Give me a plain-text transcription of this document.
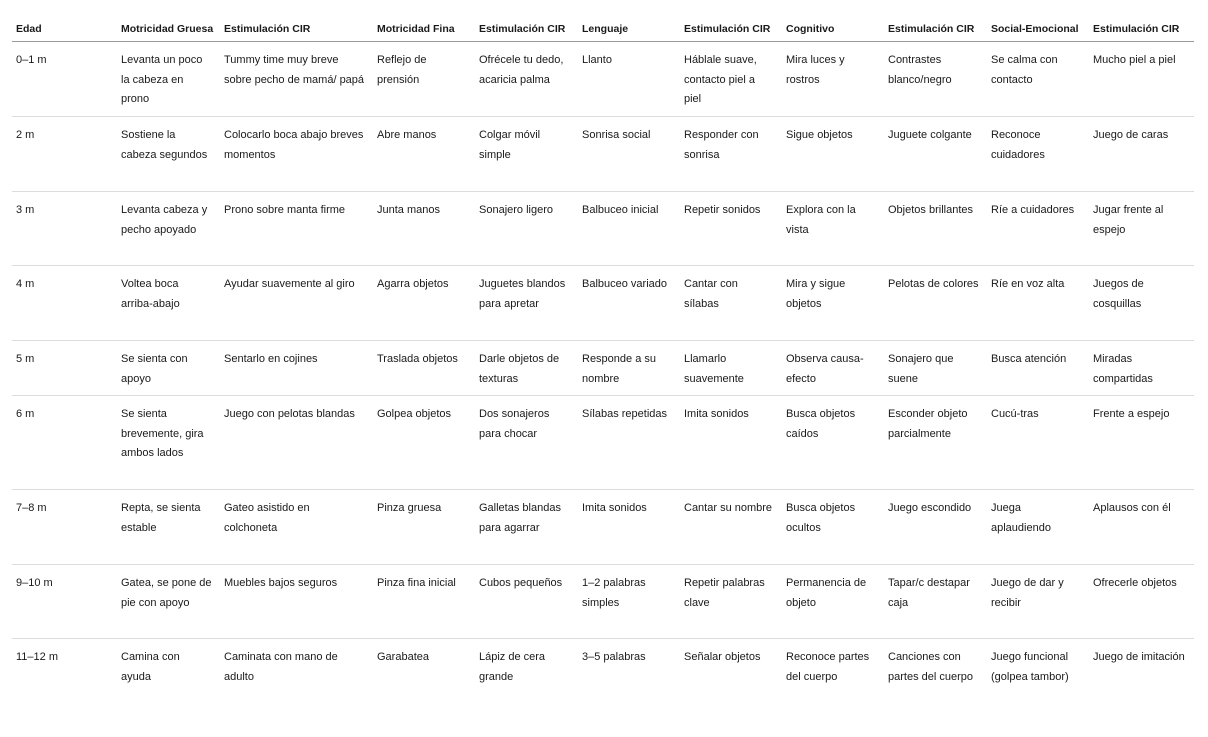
Edad	Motricidad Gruesa	Estimulación CIR	Motricidad Fina	Estimulación CIR	Lenguaje	Estimulación CIR	Cognitivo	Estimulación CIR	Social-Emocional	Estimulación CIR
0–1 m	Levanta un poco la cabeza en prono	Tummy time muy breve sobre pecho de mamá/ papá	Reflejo de prensión	Ofrécele tu dedo, acaricia palma	Llanto	Háblale suave, contacto piel a piel	Mira luces y rostros	Contrastes blanco/negro	Se calma con contacto	Mucho piel a piel
2 m	Sostiene la cabeza segundos	Colocarlo boca abajo breves momentos	Abre manos	Colgar móvil simple	Sonrisa social	Responder con sonrisa	Sigue objetos	Juguete colgante	Reconoce cuidadores	Juego de caras
3 m	Levanta cabeza y pecho apoyado	Prono sobre manta firme	Junta manos	Sonajero ligero	Balbuceo inicial	Repetir sonidos	Explora con la vista	Objetos brillantes	Ríe a cuidadores	Jugar frente al espejo
4 m	Voltea boca arriba-abajo	Ayudar suavemente al giro	Agarra objetos	Juguetes blandos para apretar	Balbuceo variado	Cantar con sílabas	Mira y sigue objetos	Pelotas de colores	Ríe en voz alta	Juegos de cosquillas
5 m	Se sienta con apoyo	Sentarlo en cojines	Traslada objetos	Darle objetos de texturas	Responde a su nombre	Llamarlo suavemente	Observa causa-efecto	Sonajero que suene	Busca atención	Miradas compartidas
6 m	Se sienta brevemente, gira ambos lados	Juego con pelotas blandas	Golpea objetos	Dos sonajeros para chocar	Sílabas repetidas	Imita sonidos	Busca objetos caídos	Esconder objeto parcialmente	Cucú-tras	Frente a espejo
7–8 m	Repta, se sienta estable	Gateo asistido en colchoneta	Pinza gruesa	Galletas blandas para agarrar	Imita sonidos	Cantar su nombre	Busca objetos ocultos	Juego escondido	Juega aplaudiendo	Aplausos con él
9–10 m	Gatea, se pone de pie con apoyo	Muebles bajos seguros	Pinza fina inicial	Cubos pequeños	1–2 palabras simples	Repetir palabras clave	Permanencia de objeto	Tapar/c destapar caja	Juego de dar y recibir	Ofrecerle objetos
11–12 m	Camina con ayuda	Caminata con mano de adulto	Garabatea	Lápiz de cera grande	3–5 palabras	Señalar objetos	Reconoce partes del cuerpo	Canciones con partes del cuerpo	Juego funcional (golpea tambor)	Juego de imitación
